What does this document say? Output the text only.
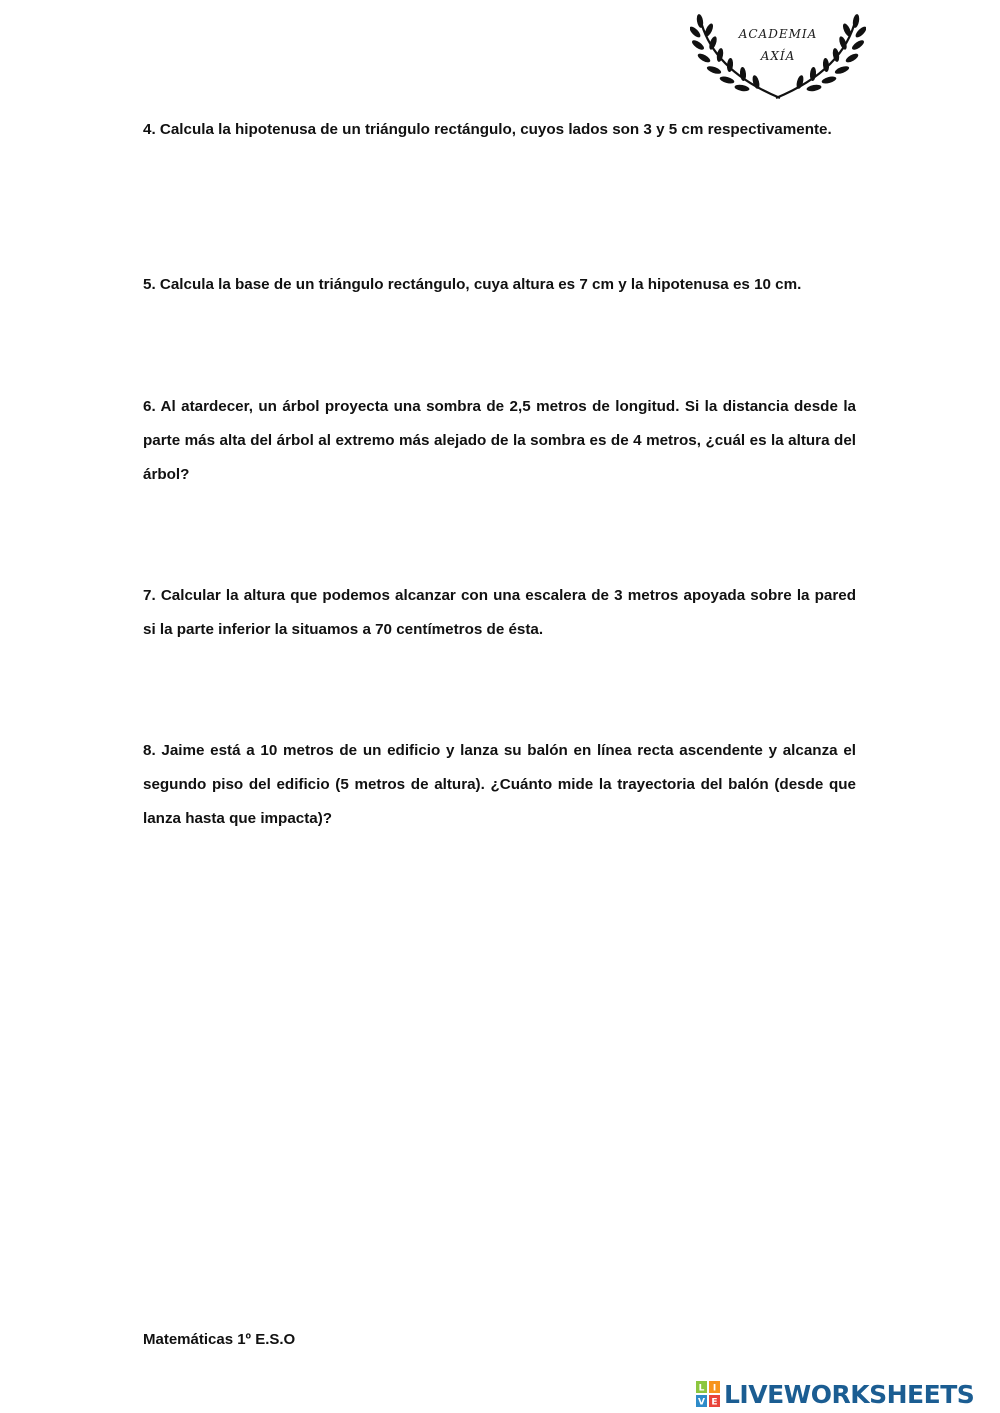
ACADEMIA
AXÍA

4. Calcula la hipotenusa de un triángulo rectángulo, cuyos lados son 3 y 5 cm respectivamente.

5. Calcula la base de un triángulo rectángulo, cuya altura es 7 cm y la hipotenusa es 10 cm.

6. Al atardecer, un árbol proyecta una sombra de 2,5 metros de longitud. Si la distancia desde la parte más alta del árbol al extremo más alejado de la sombra es de 4 metros, ¿cuál es la altura del árbol?

7. Calcular la altura que podemos alcanzar con una escalera de 3 metros apoyada sobre la pared si la parte inferior la situamos a 70 centímetros de ésta.

8. Jaime está a 10 metros de un edificio y lanza su balón en línea recta ascendente y alcanza el segundo piso del edificio (5 metros de altura). ¿Cuánto mide la trayectoria del balón (desde que lanza hasta que impacta)?

Matemáticas 1º E.S.O
L I
V E LIVEWORKSHEETS
